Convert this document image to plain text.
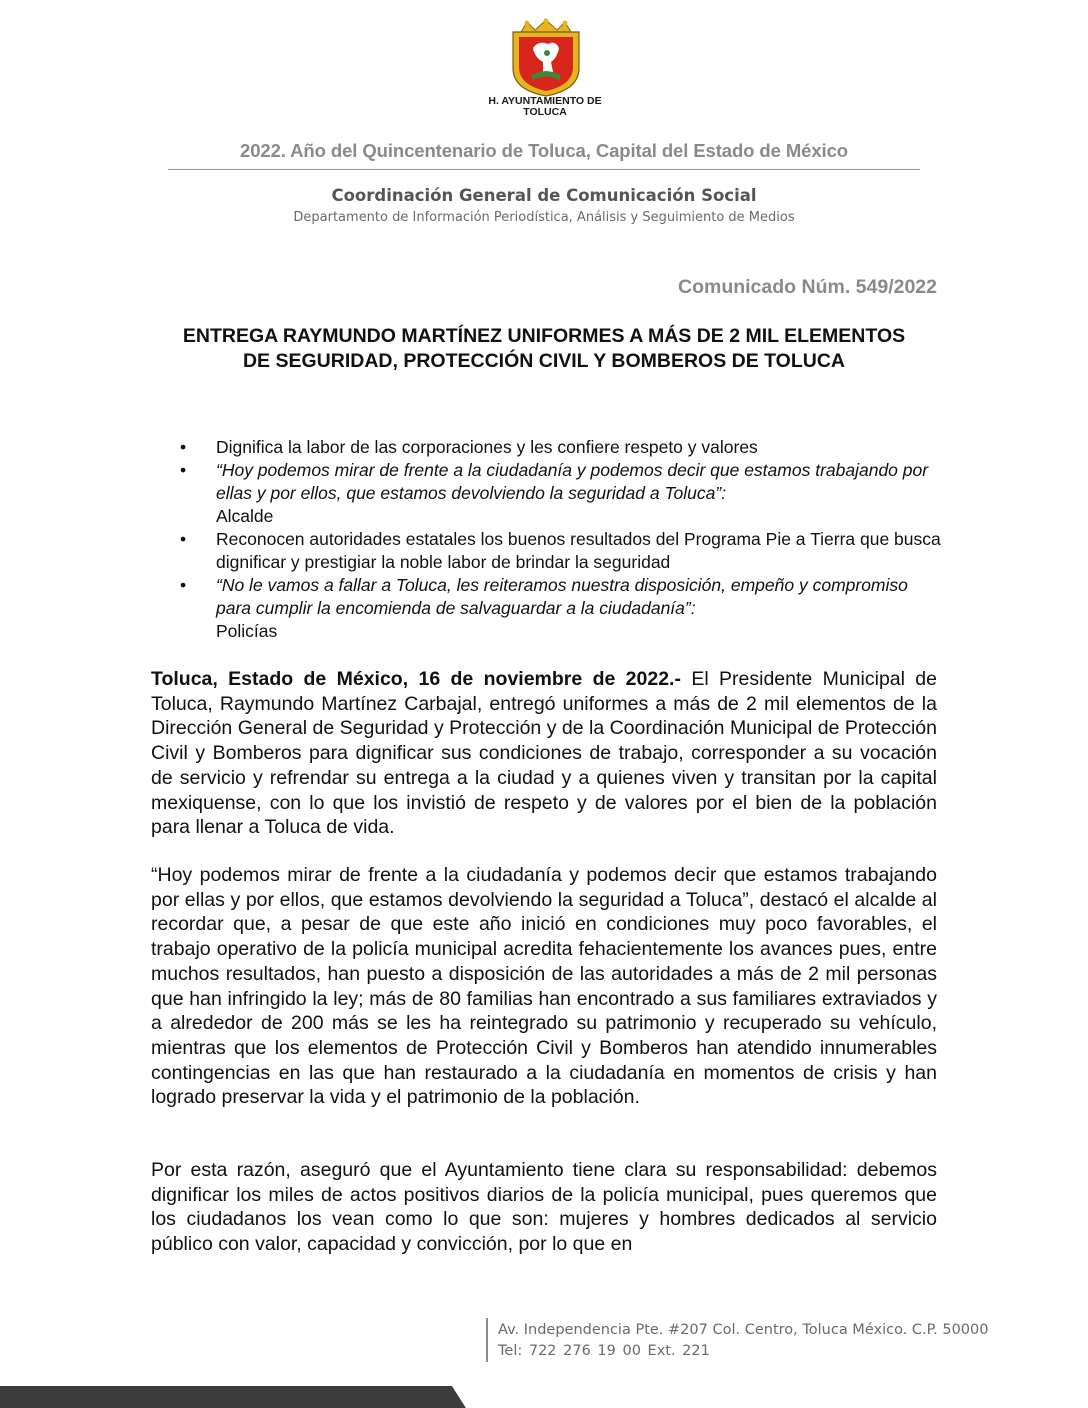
H. AYUNTAMIENTO DE TOLUCA
2022. Año del Quincentenario de Toluca, Capital del Estado de México
Coordinación General de Comunicación Social
Departamento de Información Periodística, Análisis y Seguimiento de Medios
Comunicado Núm. 549/2022
ENTREGA RAYMUNDO MARTÍNEZ UNIFORMES A MÁS DE 2 MIL ELEMENTOS DE SEGURIDAD, PROTECCIÓN CIVIL Y BOMBEROS DE TOLUCA
• Dignifica la labor de las corporaciones y les confiere respeto y valores
• “Hoy podemos mirar de frente a la ciudadanía y podemos decir que estamos trabajando por ellas y por ellos, que estamos devolviendo la seguridad a Toluca”:
Alcalde
• Reconocen autoridades estatales los buenos resultados del Programa Pie a Tierra que busca dignificar y prestigiar la noble labor de brindar la seguridad
• “No le vamos a fallar a Toluca, les reiteramos nuestra disposición, empeño y compromiso para cumplir la encomienda de salvaguardar a la ciudadanía”:
Policías

Toluca, Estado de México, 16 de noviembre de 2022.- El Presidente Municipal de Toluca, Raymundo Martínez Carbajal, entregó uniformes a más de 2 mil elementos de la Dirección General de Seguridad y Protección y de la Coordinación Municipal de Protección Civil y Bomberos para dignificar sus condiciones de trabajo, corresponder a su vocación de servicio y refrendar su entrega a la ciudad y a quienes viven y transitan por la capital mexiquense, con lo que los invistió de respeto y de valores por el bien de la población para llenar a Toluca de vida.

“Hoy podemos mirar de frente a la ciudadanía y podemos decir que estamos trabajando por ellas y por ellos, que estamos devolviendo la seguridad a Toluca”, destacó el alcalde al recordar que, a pesar de que este año inició en condiciones muy poco favorables, el trabajo operativo de la policía municipal acredita fehacientemente los avances pues, entre muchos resultados, han puesto a disposición de las autoridades a más de 2 mil personas que han infringido la ley; más de 80 familias han encontrado a sus familiares extraviados y a alrededor de 200 más se les ha reintegrado su patrimonio y recuperado su vehículo, mientras que los elementos de Protección Civil y Bomberos han atendido innumerables contingencias en las que han restaurado a la ciudadanía en momentos de crisis y han logrado preservar la vida y el patrimonio de la población.

Por esta razón, aseguró que el Ayuntamiento tiene clara su responsabilidad: debemos dignificar los miles de actos positivos diarios de la policía municipal, pues queremos que los ciudadanos los vean como lo que son: mujeres y hombres dedicados al servicio público con valor, capacidad y convicción, por lo que en

Av. Independencia Pte. #207 Col. Centro, Toluca México. C.P. 50000
Tel: 722 276 19 00 Ext. 221
